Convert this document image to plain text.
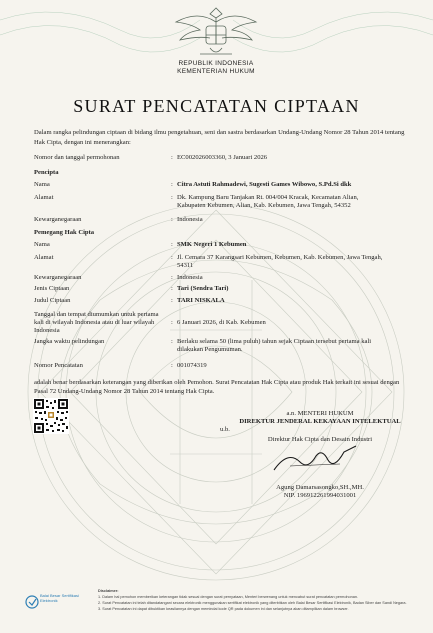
REPUBLIK INDONESIA
KEMENTERIAN HUKUM
SURAT PENCATATAN CIPTAAN
Dalam rangka pelindungan ciptaan di bidang ilmu pengetahuan, seni dan sastra berdasarkan Undang-Undang Nomor 28 Tahun 2014 tentang Hak Cipta, dengan ini menerangkan:
Nomor dan tanggal permohonan	: EC002026003360, 3 Januari 2026
Pencipta
Nama	: Citra Astuti Rahmadewi, Sugesti Games Wibowo, S.Pd.Si dkk
Alamat	: Dk. Kampung Baru Tanjakan Rt. 004/004 Kracak, Kecamatan Alian, Kabupaten Kebumen, Alian, Kab. Kebumen, Jawa Tengah, 54352
Kewarganegaraan	: Indonesia
Pemegang Hak Cipta
Nama	: SMK Negeri 1 Kebumen
Alamat	: Jl. Cemara 37 Karangsari Kebumen, Kebumen, Kab. Kebumen, Jawa Tengah, 54311
Kewarganegaraan	: Indonesia
Jenis Ciptaan	: Tari (Sendra Tari)
Judul Ciptaan	: TARI NISKALA
Tanggal dan tempat diumumkan untuk pertama kali di wilayah Indonesia atau di luar wilayah Indonesia
: 6 Januari 2026, di Kab. Kebumen
Jangka waktu pelindungan	: Berlaku selama 50 (lima puluh) tahun sejak Ciptaan tersebut pertama kali dilakukan Pengumuman.
Nomor Pencatatan	: 001074319
adalah benar berdasarkan keterangan yang diberikan oleh Pemohon. Surat Pencatatan Hak Cipta atau produk Hak terkait ini sesuai dengan Pasal 72 Undang-Undang Nomor 28 Tahun 2014 tentang Hak Cipta.
a.n. MENTERI HUKUM
DIREKTUR JENDERAL KEKAYAAN INTELEKTUAL
u.b.
Direktur Hak Cipta dan Desain Industri
Agung Damarsasongko,SH.,MH.
NIP. 196912261994031001
Balai Besar Sertifikasi Elektronik
Disclaimer:
1. Dalam hal pemohon memberikan keterangan tidak sesuai dengan surat pernyataan, Menteri berwenang untuk mencabut surat pencatatan permohonan.
2. Surat Pencatatan ini telah ditandatangani secara elektronik menggunakan sertifikat elektronik yang diterbitkan oleh Balai Besar Sertifikasi Elektronik, Badan Siber dan Sandi Negara.
3. Surat Pencatatan ini dapat dibuktikan keasliannya dengan memindai kode QR pada dokumen ini dan selanjutnya akan ditampilkan dalam browser.
